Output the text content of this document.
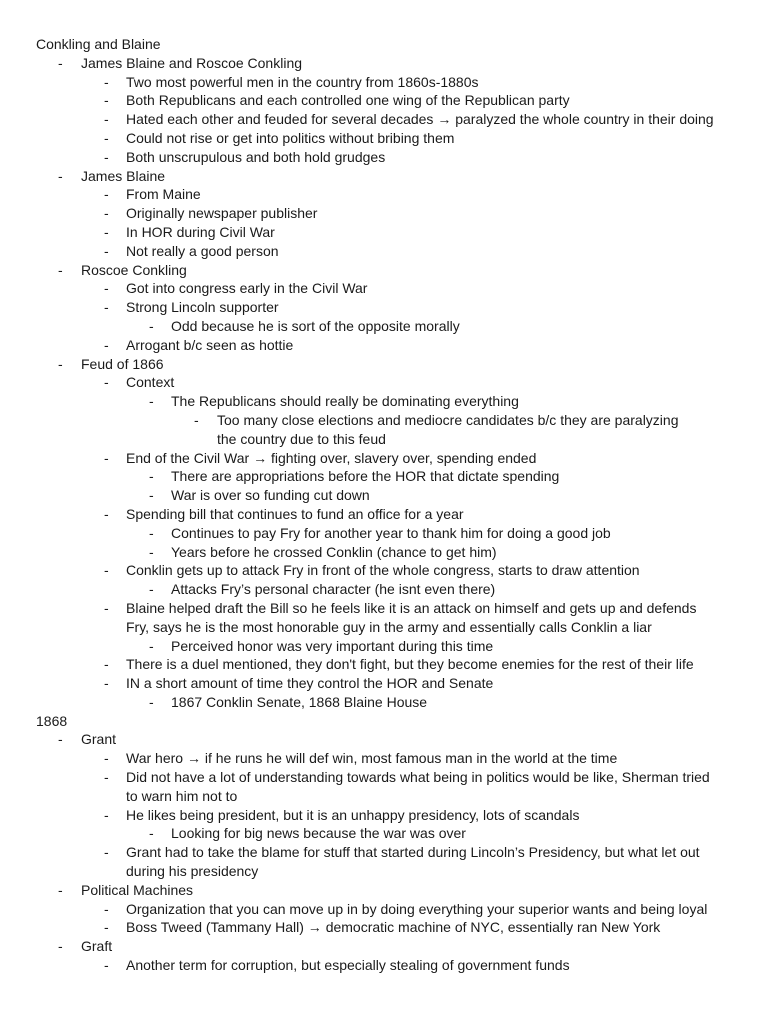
Conkling and Blaine
-	James Blaine and Roscoe Conkling
-	Two most powerful men in the country from 1860s-1880s
-	Both Republicans and each controlled one wing of the Republican party
-	Hated each other and feuded for several decades → paralyzed the whole country in their doing
-	Could not rise or get into politics without bribing them
-	Both unscrupulous and both hold grudges
-	James Blaine
-	From Maine
-	Originally newspaper publisher
-	In HOR during Civil War
-	Not really a good person
-	Roscoe Conkling
-	Got into congress early in the Civil War
-	Strong Lincoln supporter
-	Odd because he is sort of the opposite morally
-	Arrogant b/c seen as hottie
-	Feud of 1866
-	Context
-	The Republicans should really be dominating everything
-	Too many close elections and mediocre candidates b/c they are paralyzing the country due to this feud
-	End of the Civil War → fighting over, slavery over, spending ended
-	There are appropriations before the HOR that dictate spending
-	War is over so funding cut down
-	Spending bill that continues to fund an office for a year
-	Continues to pay Fry for another year to thank him for doing a good job
-	Years before he crossed Conklin (chance to get him)
-	Conklin gets up to attack Fry in front of the whole congress, starts to draw attention
-	Attacks Fry’s personal character (he isnt even there)
-	Blaine helped draft the Bill so he feels like it is an attack on himself and gets up and defends Fry, says he is the most honorable guy in the army and essentially calls Conklin a liar
-	Perceived honor was very important during this time
-	There is a duel mentioned, they don't fight, but they become enemies for the rest of their life
-	IN a short amount of time they control the HOR and Senate
-	1867 Conklin Senate, 1868 Blaine House
1868
-	Grant
-	War hero → if he runs he will def win, most famous man in the world at the time
-	Did not have a lot of understanding towards what being in politics would be like, Sherman tried to warn him not to
-	He likes being president, but it is an unhappy presidency, lots of scandals
-	Looking for big news because the war was over
-	Grant had to take the blame for stuff that started during Lincoln’s Presidency, but what let out during his presidency
-	Political Machines
-	Organization that you can move up in by doing everything your superior wants and being loyal
-	Boss Tweed (Tammany Hall) → democratic machine of NYC, essentially ran New York
-	Graft
-	Another term for corruption, but especially stealing of government funds
